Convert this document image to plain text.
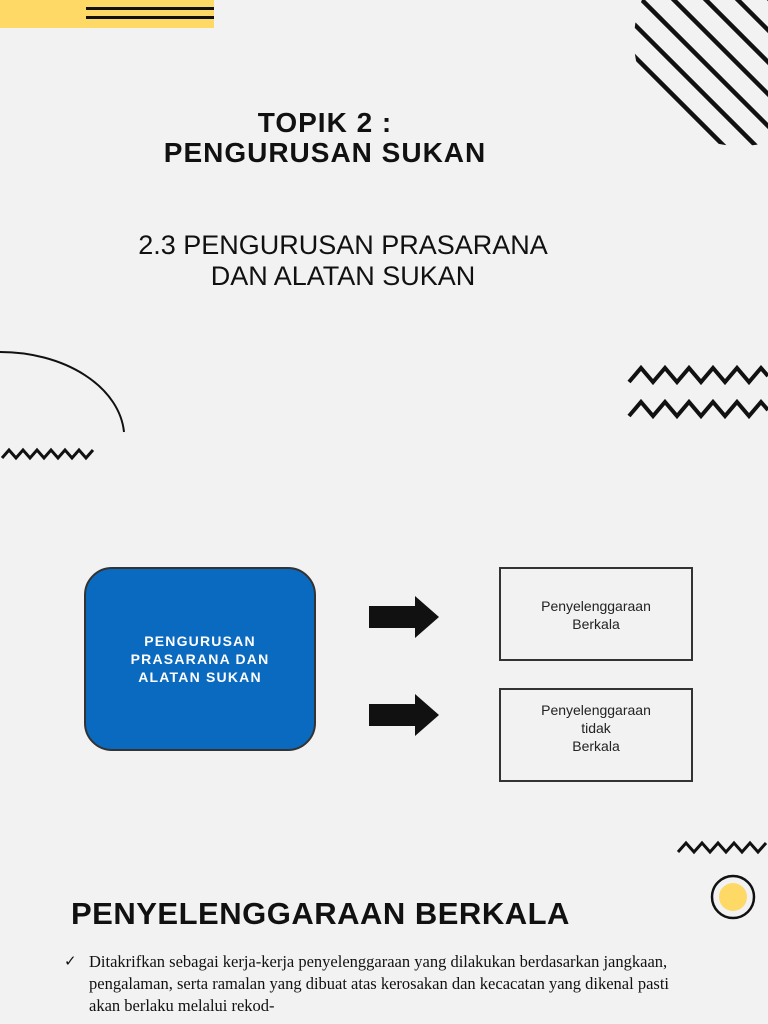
TOPIK 2 :
PENGURUSAN SUKAN
2.3 PENGURUSAN PRASARANA
DAN ALATAN SUKAN
PENGURUSAN PRASARANA DAN ALATAN SUKAN
Penyelenggaraan
Berkala
Penyelenggaraan
tidak
Berkala
PENYELENGGARAAN BERKALA
✓ Ditakrifkan sebagai kerja-kerja penyelenggaraan yang dilakukan berdasarkan jangkaan, pengalaman, serta ramalan yang dibuat atas kerosakan dan kecacatan yang dikenal pasti akan berlaku melalui rekod-
